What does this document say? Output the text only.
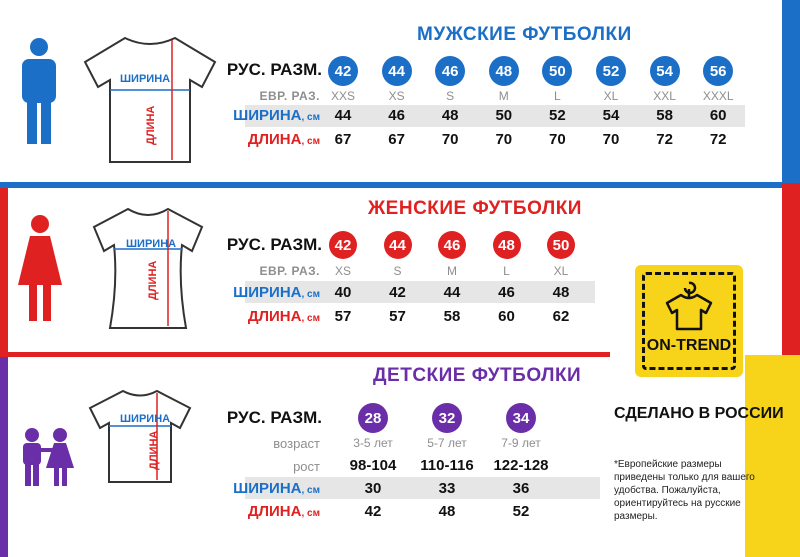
ШИРИНА
ДЛИНА
МУЖСКИЕ ФУТБОЛКИ
РУС. РАЗМ.
ЕВР. РАЗ.
ШИРИНА, см
ДЛИНА, см
42
XXS
44
67
44
XS
46
67
46
S
48
70
48
M
50
70
50
L
52
70
52
XL
54
70
54
XXL
58
72
56
XXXL
60
72
ШИРИНА
ДЛИНА
ЖЕНСКИЕ ФУТБОЛКИ
РУС. РАЗМ.
ЕВР. РАЗ.
ШИРИНА, см
ДЛИНА, см
42
XS
40
57
44
S
42
57
46
M
44
58
48
L
46
60
50
XL
48
62
ШИРИНА
ДЛИНА
ДЕТСКИЕ ФУТБОЛКИ
РУС. РАЗМ.
возраст
рост
ШИРИНА, см
ДЛИНА, см
28
3-5 лет
98-104
30
42
32
5-7 лет
110-116
33
48
34
7-9 лет
122-128
36
52
ON-TREND
СДЕЛАНО В РОССИИ
*Европейские размеры приведены только для вашего удобства. Пожалуйста, ориентируйтесь на русские размеры.
